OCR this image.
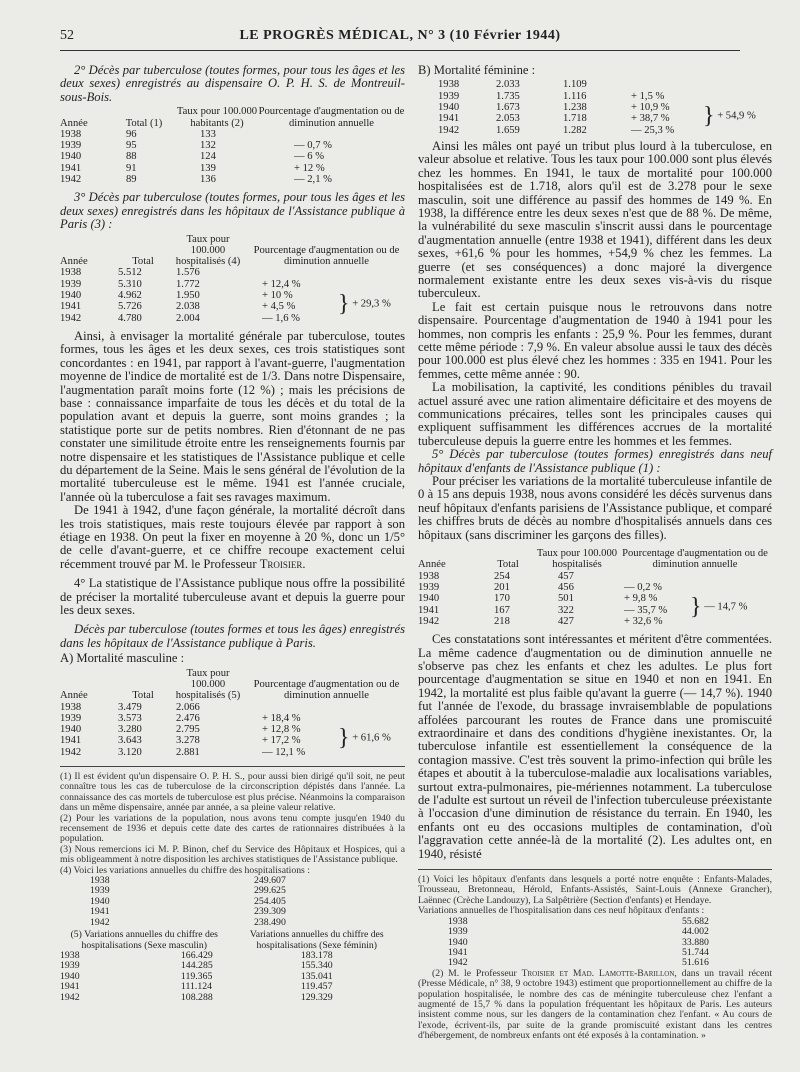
52	LE PROGRÈS MÉDICAL, N° 3 (10 Février 1944)

2° Décès par tuberculose (toutes formes, pour tous les âges et les deux sexes) enregistrés au dispensaire O. P. H. S. de Montreuil-sous-Bois.

Année	Total (1)	Taux pour 100.000 habitants (2)	Pourcentage d'augmentation ou de diminution annuelle
1938	96	133	
1939	95	132	— 0,7 %
1940	88	124	— 6 %
1941	91	139	+ 12 %
1942	89	136	— 2,1 %

3° Décès par tuberculose (toutes formes, pour tous les âges et les deux sexes) enregistrés dans les hôpitaux de l'Assistance publique à Paris (3) :

Année	Total	Taux pour 100.000 hospitalisés (4)	Pourcentage d'augmentation ou de diminution annuelle	
1938	5.512	1.576		} + 29,3 %
1939	5.310	1.772	+ 12,4 %	
1940	4.962	1.950	+ 10 %	
1941	5.726	2.038	+ 4,5 %	
1942	4.780	2.004	— 1,6 %	

Ainsi, à envisager la mortalité générale par tuberculose, toutes formes, tous les âges et les deux sexes, ces trois statistiques sont concordantes : en 1941, par rapport à l'avant-guerre, l'augmentation moyenne de l'indice de mortalité est de 1/3. Dans notre Dispensaire, l'augmentation paraît moins forte (12 %) ; mais les précisions de base : connaissance imparfaite de tous les décès et du total de la population avant et depuis la guerre, sont moins grandes ; la statistique porte sur de petits nombres. Rien d'étonnant de ne pas constater une similitude étroite entre les renseignements fournis par notre dispensaire et les statistiques de l'Assistance publique et celle du département de la Seine. Mais le sens général de l'évolution de la mortalité tuberculeuse est le même. 1941 est l'année cruciale, l'année où la tuberculose a fait ses ravages maximum.

De 1941 à 1942, d'une façon générale, la mortalité décroît dans les trois statistiques, mais reste toujours élevée par rapport à son étiage en 1938. On peut la fixer en moyenne à 20 %, donc un 1/5° de celle d'avant-guerre, et ce chiffre recoupe exactement celui récemment trouvé par M. le Professeur Troisier.

4° La statistique de l'Assistance publique nous offre la possibilité de préciser la mortalité tuberculeuse avant et depuis la guerre pour les deux sexes.

Décès par tuberculose (toutes formes et tous les âges) enregistrés dans les hôpitaux de l'Assistance publique à Paris.

A) Mortalité masculine :

Année	Total	Taux pour 100.000 hospitalisés (5)	Pourcentage d'augmentation ou de diminution annuelle	
1938	3.479	2.066		} + 61,6 %
1939	3.573	2.476	+ 18,4 %	
1940	3.280	2.795	+ 12,8 %	
1941	3.643	3.278	+ 17,2 %	
1942	3.120	2.881	— 12,1 %	

(1) Il est évident qu'un dispensaire O. P. H. S., pour aussi bien dirigé qu'il soit, ne peut connaître tous les cas de tuberculose de la circonscription dépistés dans l'année. La connaissance des cas mortels de tuberculose est plus précise. Néanmoins la comparaison dans un même dispensaire, année par année, a sa pleine valeur relative.

(2) Pour les variations de la population, nous avons tenu compte jusqu'en 1940 du recensement de 1936 et depuis cette date des cartes de rationnaires distribuées à la population.

(3) Nous remercions ici M. P. Binon, chef du Service des Hôpitaux et Hospices, qui a mis obligeamment à notre disposition les archives statistiques de l'Assistance publique.

(4) Voici les variations annuelles du chiffre des hospitalisations :

1938	249.607
1939	299.625
1940	254.405
1941	239.309
1942	238.490
(5) Variations annuelles du chiffre des hospitalisations (Sexe masculin)		Variations annuelles du chiffre des hospitalisations (Sexe féminin)
1938	166.429	183.178
1939	144.285	155.340
1940	119.365	135.041
1941	111.124	119.457
1942	108.288	129.329

B) Mortalité féminine :

1938	2.033	1.109		} + 54,9 %
1939	1.735	1.116	+ 1,5 %	
1940	1.673	1.238	+ 10,9 %	
1941	2.053	1.718	+ 38,7 %	
1942	1.659	1.282	— 25,3 %	

Ainsi les mâles ont payé un tribut plus lourd à la tuberculose, en valeur absolue et relative. Tous les taux pour 100.000 sont plus élevés chez les hommes. En 1941, le taux de mortalité pour 100.000 hospitalisées est de 1.718, alors qu'il est de 3.278 pour le sexe masculin, soit une différence au passif des hommes de 149 %. En 1938, la différence entre les deux sexes n'est que de 88 %. De même, la vulnérabilité du sexe masculin s'inscrit aussi dans le pourcentage d'augmentation annuelle (entre 1938 et 1941), différent dans les deux sexes, +61,6 % pour les hommes, +54,9 % chez les femmes. La guerre (et ses conséquences) a donc majoré la divergence normalement existante entre les deux sexes vis-à-vis du risque tuberculeux.

Le fait est certain puisque nous le retrouvons dans notre dispensaire. Pourcentage d'augmentation de 1940 à 1941 pour les hommes, non compris les enfants : 25,9 %. Pour les femmes, durant cette même période : 7,9 %. En valeur absolue aussi le taux des décès pour 100.000 est plus élevé chez les hommes : 335 en 1941. Pour les femmes, cette même année : 90.

La mobilisation, la captivité, les conditions pénibles du travail actuel assuré avec une ration alimentaire déficitaire et des moyens de communications précaires, telles sont les principales causes qui expliquent suffisamment les différences accrues de la mortalité tuberculeuse depuis la guerre entre les hommes et les femmes.

5° Décès par tuberculose (toutes formes) enregistrés dans neuf hôpitaux d'enfants de l'Assistance publique (1) :

Pour préciser les variations de la mortalité tuberculeuse infantile de 0 à 15 ans depuis 1938, nous avons considéré les décès survenus dans neuf hôpitaux d'enfants parisiens de l'Assistance publique, et comparé les chiffres bruts de décès au nombre d'hospitalisés annuels dans ces hôpitaux (sans discriminer les garçons des filles).

Année	Total	Taux pour 100.000 hospitalisés	Pourcentage d'augmentation ou de diminution annuelle	
1938	254	457		} — 14,7 %
1939	201	456	— 0,2 %	
1940	170	501	+ 9,8 %	
1941	167	322	— 35,7 %	
1942	218	427	+ 32,6 %	

Ces constatations sont intéressantes et méritent d'être commentées. La même cadence d'augmentation ou de diminution annuelle ne s'observe pas chez les enfants et chez les adultes. Le plus fort pourcentage d'augmentation se situe en 1940 et non en 1941. En 1942, la mortalité est plus faible qu'avant la guerre (— 14,7 %). 1940 fut l'année de l'exode, du brassage invraisemblable de populations affolées parcourant les routes de France dans une promiscuité extraordinaire et dans des conditions d'hygiène inexistantes. Or, la tuberculose infantile est essentiellement la conséquence de la contagion massive. C'est très souvent la primo-infection qui brûle les étapes et aboutit à la tuberculose-maladie aux localisations variables, surtout extra-pulmonaires, pie-mériennes notamment. La tuberculose de l'adulte est surtout un réveil de l'infection tuberculeuse préexistante à l'occasion d'une diminution de résistance du terrain. En 1940, les enfants ont eu des occasions multiples de contamination, d'où l'aggravation cette année-là de la mortalité (2). Les adultes ont, en 1940, résisté

(1) Voici les hôpitaux d'enfants dans lesquels a porté notre enquête : Enfants-Malades, Trousseau, Bretonneau, Hérold, Enfants-Assistés, Saint-Louis (Annexe Grancher), Laënnec (Crèche Landouzy), La Salpêtrière (Section d'enfants) et Hendaye.

Variations annuelles de l'hospitalisation dans ces neuf hôpitaux d'enfants :

1938	55.682
1939	44.002
1940	33.880
1941	51.744
1942	51.616

(2) M. le Professeur Troisier et Mad. Lamotte-Barillon, dans un travail récent (Presse Médicale, n° 38, 9 octobre 1943) estiment que proportionnellement au chiffre de la population hospitalisée, le nombre des cas de méningite tuberculeuse chez l'enfant a augmenté de 15,7 % dans la population fréquentant les hôpitaux de Paris. Les auteurs insistent comme nous, sur les dangers de la contamination chez l'enfant. « Au cours de l'exode, écrivent-ils, par suite de la grande promiscuité existant dans les centres d'hébergement, de nombreux enfants ont été exposés à la contamination. »
